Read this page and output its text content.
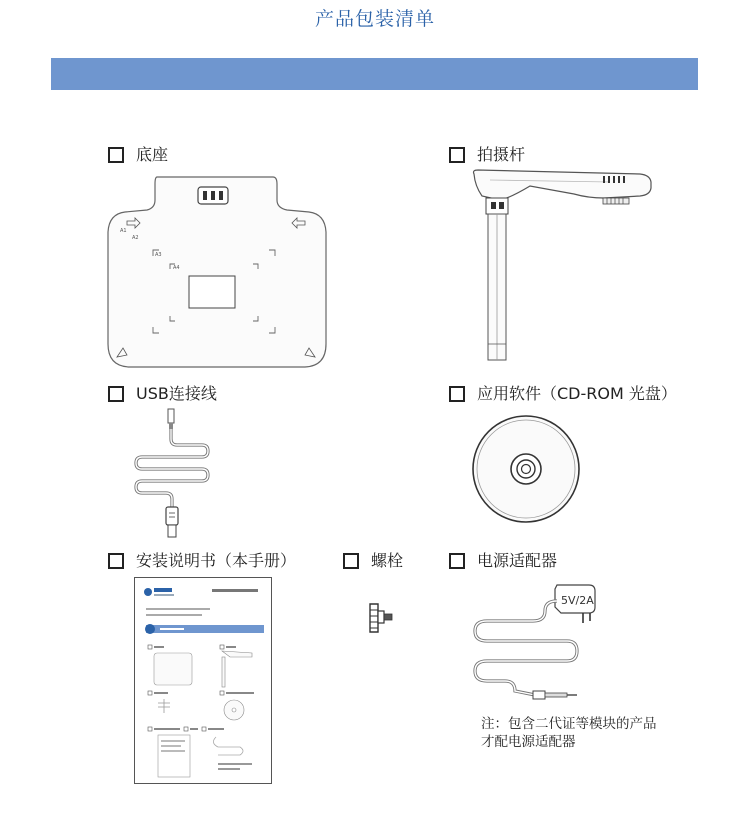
产品包装清单
底座	拍摄杆
USB连接线	应用软件（CD-ROM 光盘）
安装说明书（本手册）	螺栓	电源适配器
A1
A2
A3
A4
5V/2A
注：包含二代证等模块的产品
才配电源适配器
